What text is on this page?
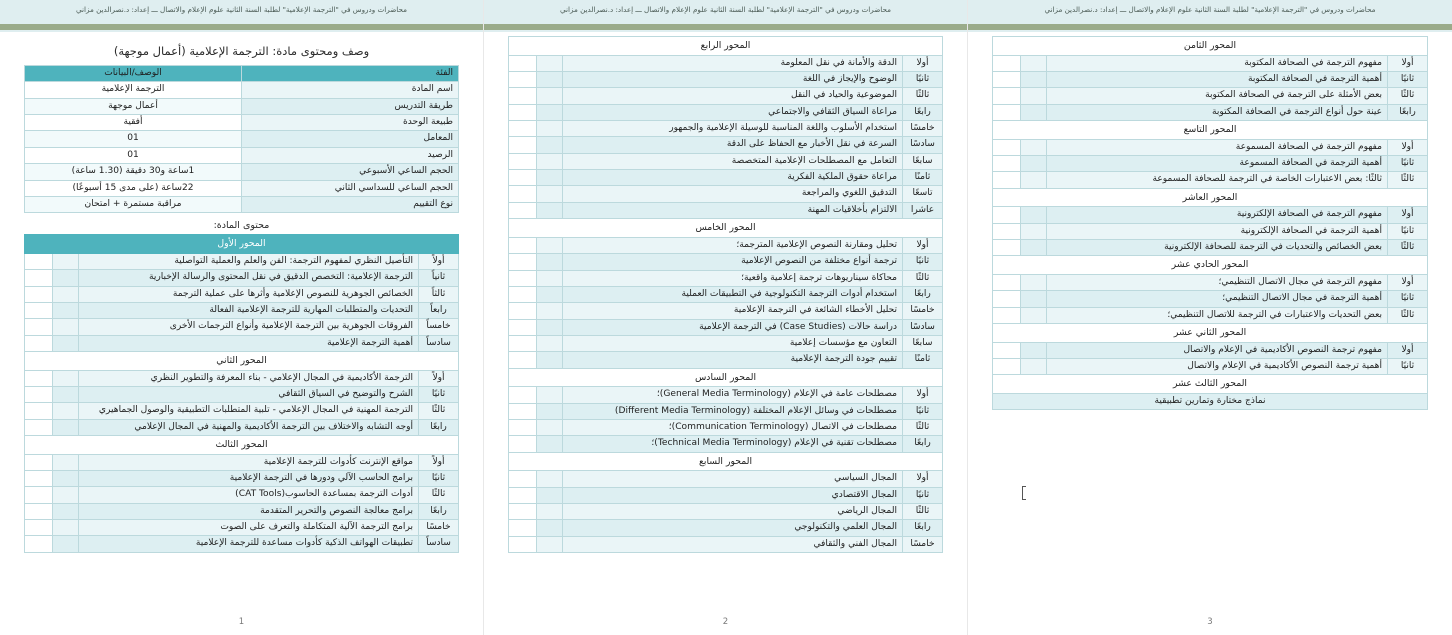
محاضرات ودروس في "الترجمة الإعلامية" لطلبة السنة الثانية علوم الإعلام والاتصال ـــ إعداد: د.نصرالدين مزاني
المحور الثامن			
أولا	مفهوم الترجمة في الصحافة المكتوبة		
ثانيًا	أهمية الترجمة في الصحافة المكتوبة		
ثالثًا	بعض الأمثلة على الترجمة في الصحافة المكتوبة		
رابعًا	عينة حول أنواع الترجمة في الصحافة المكتوبة		
المحور التاسع			
أولا	مفهوم الترجمة في الصحافة المسموعة		
ثانيًا	أهمية الترجمة في الصحافة المسموعة		
ثالثًا	ثالثًا: بعض الاعتبارات الخاصة في الترجمة للصحافة المسموعة		
المحور العاشر			
أولا	مفهوم الترجمة في الصحافة الإلكترونية		
ثانيًا	أهمية الترجمة في الصحافة الإلكترونية		
ثالثًا	بعض الخصائص والتحديات في الترجمة للصحافة الإلكترونية		
المحور الحادي عشر			
أولا	مفهوم الترجمة في مجال الاتصال التنظيمي؛		
ثانيًا	أهمية الترجمة في مجال الاتصال التنظيمي؛		
ثالثًا	بعض التحديات والاعتبارات في الترجمة للاتصال التنظيمي؛		
المحور الثاني عشر			
أولا	مفهوم ترجمة النصوص الأكاديمية في الإعلام والاتصال		
ثانيًا	أهمية ترجمة النصوص الأكاديمية في الإعلام والاتصال		
المحور الثالث عشر			
نماذج مختارة وتمارين تطبيقية			
3
محاضرات ودروس في "الترجمة الإعلامية" لطلبة السنة الثانية علوم الإعلام والاتصال ـــ إعداد: د.نصرالدين مزاني
المحور الرابع			
أولا	الدقة والأمانة في نقل المعلومة		
ثانيًا	الوضوح والإيجاز في اللغة		
ثالثًا	الموضوعية والحياد في النقل		
رابعًا	مراعاة السياق الثقافي والاجتماعي		
خامسًا	استخدام الأسلوب واللغة المناسبة للوسيلة الإعلامية والجمهور		
سادسًا	السرعة في نقل الأخبار مع الحفاظ على الدقة		
سابعًا	التعامل مع المصطلحات الإعلامية المتخصصة		
ثامنًا	مراعاة حقوق الملكية الفكرية		
تاسعًا	التدقيق اللغوي والمراجعة		
عاشرا	الالتزام بأخلاقيات المهنة		
المحور الخامس			
أولا	تحليل ومقارنة النصوص الإعلامية المترجمة؛		
ثانيًا	ترجمة أنواع مختلفة من النصوص الإعلامية		
ثالثًا	محاكاة سيناريوهات ترجمة إعلامية واقعية؛		
رابعًا	استخدام أدوات الترجمة التكنولوجية في التطبيقات العملية		
خامسًا	تحليل الأخطاء الشائعة في الترجمة الإعلامية		
سادسًا	دراسة حالات (Case Studies) في الترجمة الإعلامية		
سابعًا	التعاون مع مؤسسات إعلامية		
ثامنًا	تقييم جودة الترجمة الإعلامية		
المحور السادس			
أولا	مصطلحات عامة في الإعلام (General Media Terminology)؛		
ثانيًا	مصطلحات في وسائل الإعلام المختلفة (Different Media Terminology)		
ثالثًا	مصطلحات في الاتصال (Communication Terminology)؛		
رابعًا	مصطلحات تقنية في الإعلام (Technical Media Terminology)؛		
المحور السابع			
أولا	المجال السياسي		
ثانيًا	المجال الاقتصادي		
ثالثًا	المجال الرياضي		
رابعًا	المجال العلمي والتكنولوجي		
خامسًا	المجال الفني والثقافي		
2
محاضرات ودروس في "الترجمة الإعلامية" لطلبة السنة الثانية علوم الإعلام والاتصال ـــ إعداد: د.نصرالدين مزاني
وصف ومحتوى مادة: الترجمة الإعلامية (أعمال موجهة)
الفئة	الوصف/البيانات
اسم المادة	الترجمة الإعلامية
طريقة التدريس	أعمال موجهة
طبيعة الوحدة	أفقية
المعامل	01
الرصيد	01
الحجم الساعي الأسبوعي	1ساعة و30 دقيقة (1.30 ساعة)
الحجم الساعي للسداسي الثاني	22ساعة (على مدى 15 أسبوعًا)
نوع التقييم	مراقبة مستمرة + امتحان
محتوى المادة:
المحور الأول			
أولاً	التأصيل النظري لمفهوم الترجمة: الفن والعلم والعملية التواصلية		
ثانياً	الترجمة الإعلامية: التخصص الدقيق في نقل المحتوى والرسالة الإخبارية		
ثالثاً	الخصائص الجوهرية للنصوص الإعلامية وأثرها على عملية الترجمة		
رابعاً	التحديات والمتطلبات المهارية للترجمة الإعلامية الفعالة		
خامساً	الفروقات الجوهرية بين الترجمة الإعلامية وأنواع الترجمات الأخرى		
سادساً	أهمية الترجمة الإعلامية		
المحور الثاني			
أولاً	الترجمة الأكاديمية في المجال الإعلامي - بناء المعرفة والتطوير النظري		
ثانيًا	الشرح والتوضيح في السياق الثقافي		
ثالثًا	الترجمة المهنية في المجال الإعلامي - تلبية المتطلبات التطبيقية والوصول الجماهيري		
رابعًا	أوجه التشابه والاختلاف بين الترجمة الأكاديمية والمهنية في المجال الإعلامي		
المحور الثالث			
أولاً	مواقع الإنترنت كأدوات للترجمة الإعلامية		
ثانيًا	برامج الحاسب الآلي ودورها في الترجمة الإعلامية		
ثالثًا	أدوات الترجمة بمساعدة الحاسوب(CAT Tools)		
رابعًا	برامج معالجة النصوص والتحرير المتقدمة		
خامسًا	برامج الترجمة الآلية المتكاملة والتعرف على الصوت		
سادساً	تطبيقات الهواتف الذكية كأدوات مساعدة للترجمة الإعلامية		
1
